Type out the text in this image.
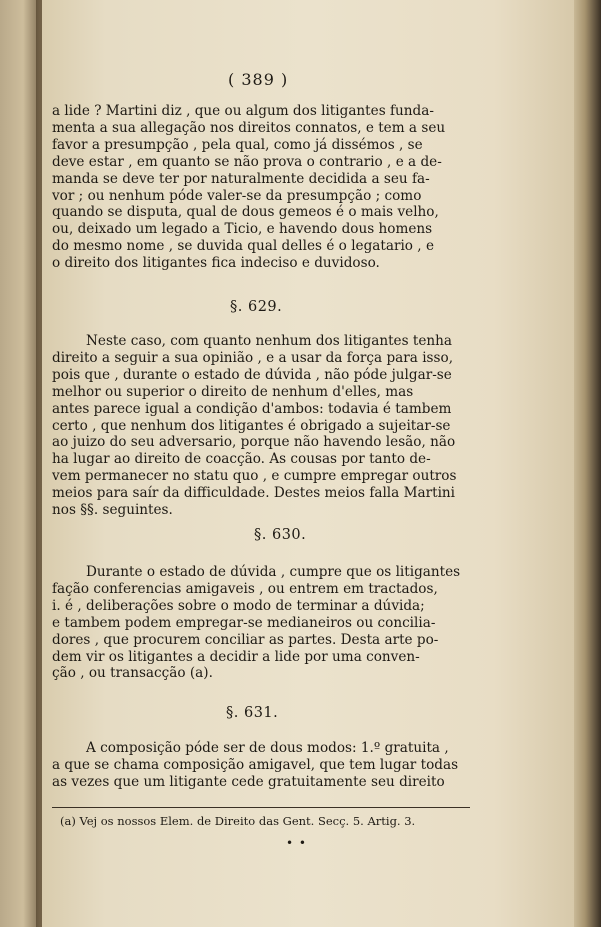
( 389 )
a lide ? Martini diz , que ou algum dos litigantes funda-
menta a sua allegação nos direitos connatos, e tem a seu
favor a presumpção , pela qual, como já dissémos , se
deve estar , em quanto se não prova o contrario , e a de-
manda se deve ter por naturalmente decidida a seu fa-
vor ; ou nenhum póde valer-se da presumpção ; como
quando se disputa, qual de dous gemeos é o mais velho,
ou, deixado um legado a Ticio, e havendo dous homens
do mesmo nome , se duvida qual delles é o legatario , e
o direito dos litigantes fica indeciso e duvidoso.
§. 629.
Neste caso, com quanto nenhum dos litigantes tenha
direito a seguir a sua opinião , e a usar da força para isso,
pois que , durante o estado de dúvida , não póde julgar-se
melhor ou superior o direito de nenhum d'elles, mas
antes parece igual a condição d'ambos: todavia é tambem
certo , que nenhum dos litigantes é obrigado a sujeitar-se
ao juizo do seu adversario, porque não havendo lesão, não
ha lugar ao direito de coacção. As cousas por tanto de-
vem permanecer no statu quo , e cumpre empregar outros
meios para saír da difficuldade. Destes meios falla Martini
nos §§. seguintes.
§. 630.
Durante o estado de dúvida , cumpre que os litigantes
fação conferencias amigaveis , ou entrem em tractados,
i. é , deliberações sobre o modo de terminar a dúvida;
e tambem podem empregar-se medianeiros ou concilia-
dores , que procurem conciliar as partes. Desta arte po-
dem vir os litigantes a decidir a lide por uma conven-
ção , ou transacção (a).
§. 631.
A composição póde ser de dous modos: 1.º gratuita ,
a que se chama composição amigavel, que tem lugar todas
as vezes que um litigante cede gratuitamente seu direito
(a) Vej os nossos Elem. de Direito das Gent. Secç. 5. Artig. 3.
• •
